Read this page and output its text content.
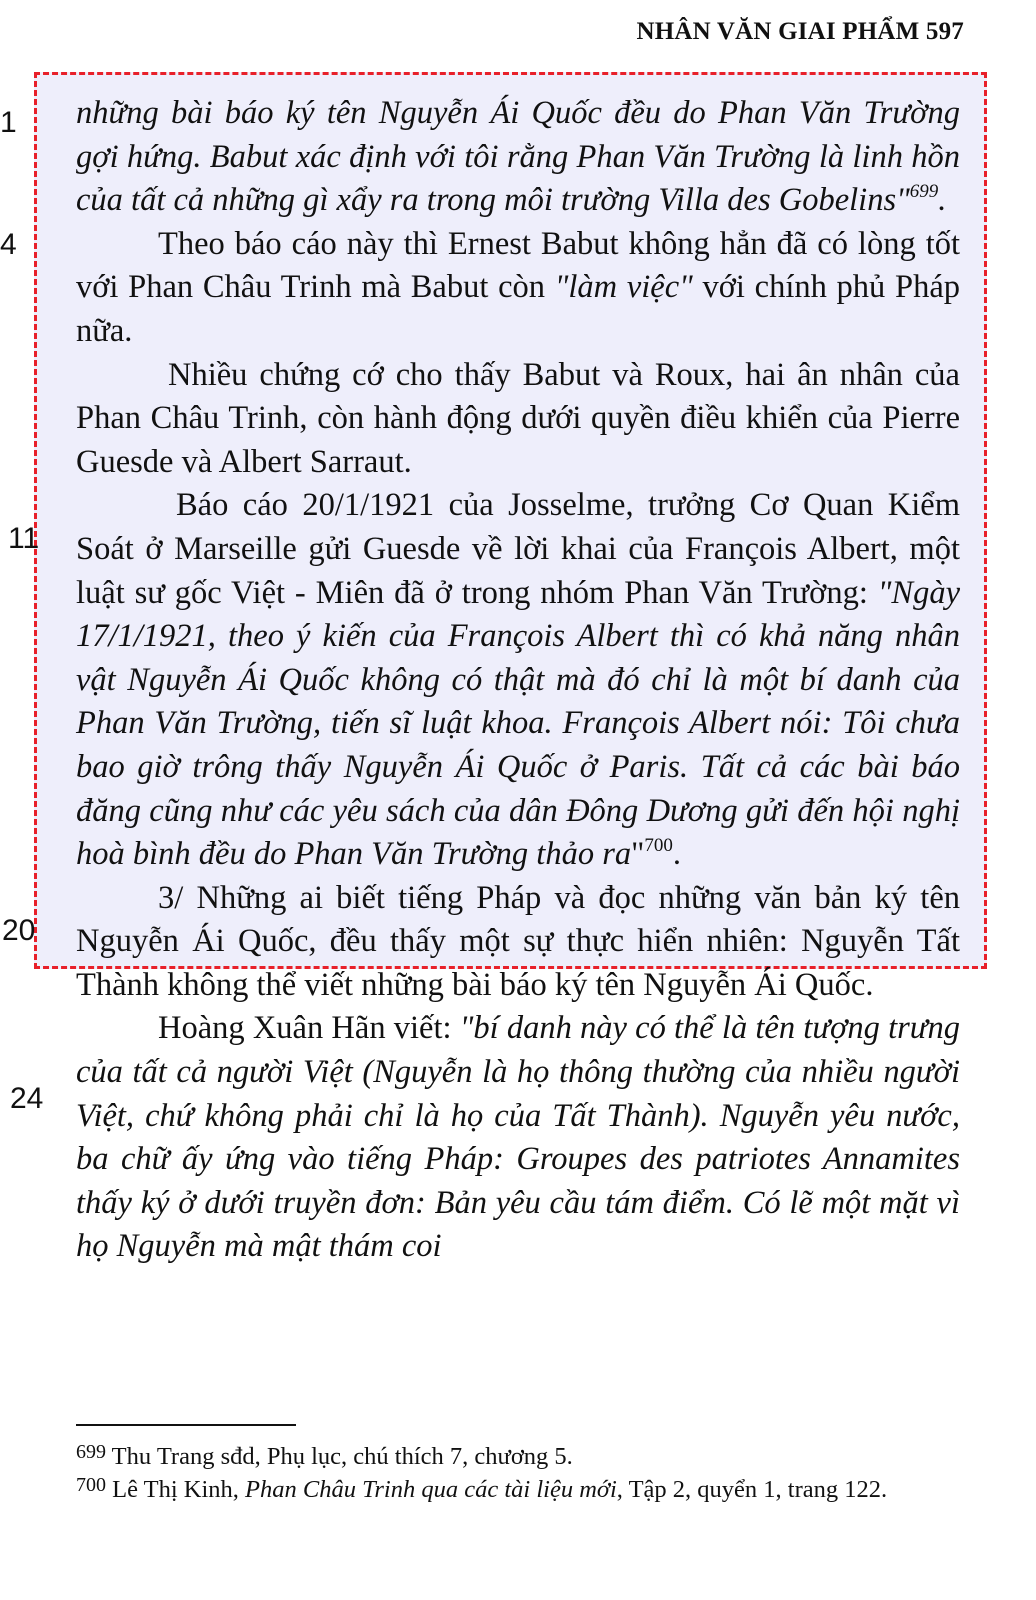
NHÂN VĂN GIAI PHẨM 597
1
4
11
20
24

những bài báo ký tên Nguyễn Ái Quốc đều do Phan Văn Trường gợi hứng. Babut xác định với tôi rằng Phan Văn Trường là linh hồn của tất cả những gì xẩy ra trong môi trường Villa des Gobelins"$^{699}$.

Theo báo cáo này thì Ernest Babut không hẳn đã có lòng tốt với Phan Châu Trinh mà Babut còn "làm việc" với chính phủ Pháp nữa.

Nhiều chứng cớ cho thấy Babut và Roux, hai ân nhân của Phan Châu Trinh, còn hành động dưới quyền điều khiển của Pierre Guesde và Albert Sarraut.

Báo cáo 20/1/1921 của Josselme, trưởng Cơ Quan Kiểm Soát ở Marseille gửi Guesde về lời khai của François Albert, một luật sư gốc Việt - Miên đã ở trong nhóm Phan Văn Trường: "Ngày 17/1/1921, theo ý kiến của François Albert thì có khả năng nhân vật Nguyễn Ái Quốc không có thật mà đó chỉ là một bí danh của Phan Văn Trường, tiến sĩ luật khoa. François Albert nói: Tôi chưa bao giờ trông thấy Nguyễn Ái Quốc ở Paris. Tất cả các bài báo đăng cũng như các yêu sách của dân Đông Dương gửi đến hội nghị hoà bình đều do Phan Văn Trường thảo ra"$^{700}$.

3/ Những ai biết tiếng Pháp và đọc những văn bản ký tên Nguyễn Ái Quốc, đều thấy một sự thực hiển nhiên: Nguyễn Tất Thành không thể viết những bài báo ký tên Nguyễn Ái Quốc.

Hoàng Xuân Hãn viết: "bí danh này có thể là tên tượng trưng của tất cả người Việt (Nguyễn là họ thông thường của nhiều người Việt, chứ không phải chỉ là họ của Tất Thành). Nguyễn yêu nước, ba chữ ấy ứng vào tiếng Pháp: Groupes des patriotes Annamites thấy ký ở dưới truyền đơn: Bản yêu cầu tám điểm. Có lẽ một mặt vì họ Nguyễn mà mật thám coi

$^{699}$ Thu Trang sđd, Phụ lục, chú thích 7, chương 5.

$^{700}$ Lê Thị Kinh, Phan Châu Trinh qua các tài liệu mới, Tập 2, quyển 1, trang 122.
